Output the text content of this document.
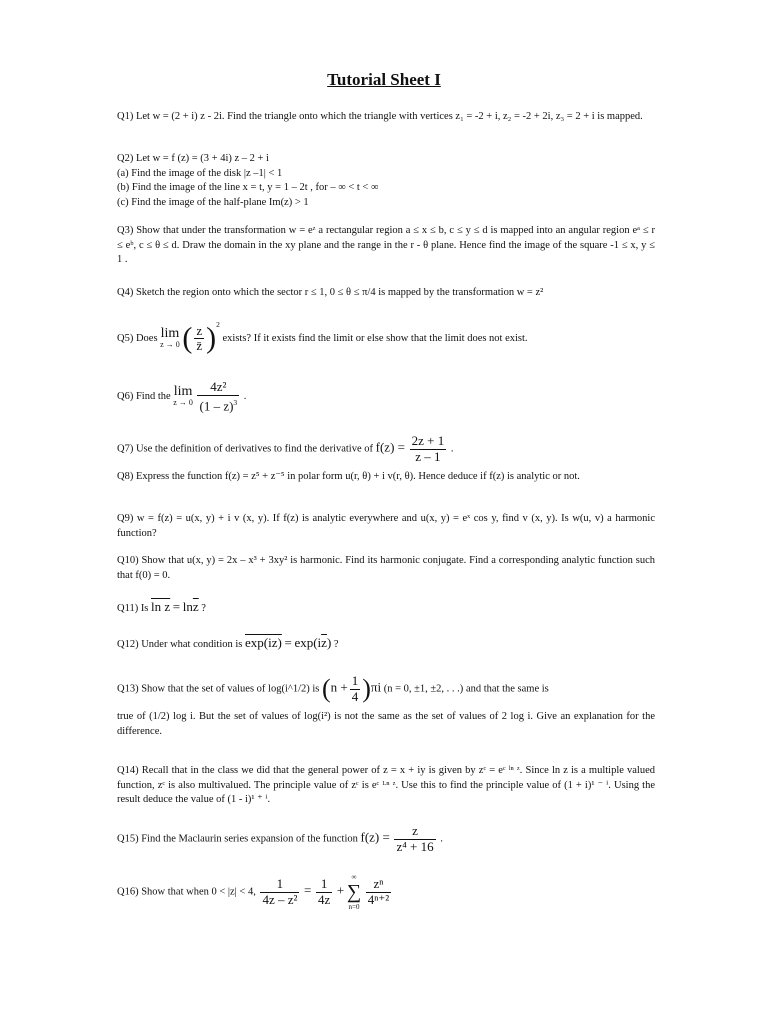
Tutorial Sheet I

Q1) Let w = (2 + i) z - 2i. Find the triangle onto which the triangle with vertices z₁ = -2 + i, z₂ = -2 + 2i, z₃ = 2 + i is mapped.

Q2) Let w = f (z) = (3 + 4i) z – 2 + i

(a) Find the image of the disk |z –1| < 1

(b) Find the image of the line x = t, y = 1 – 2t , for – ∞ < t < ∞

(c) Find the image of the half-plane Im(z) > 1

Q3) Show that under the transformation w = eᶻ a rectangular region a ≤ x ≤ b, c ≤ y ≤ d is mapped into an angular region eᵃ ≤ r ≤ eᵇ, c ≤ θ ≤ d. Draw the domain in the xy plane and the range in the r - θ plane. Hence find the image of the square -1 ≤ x, y ≤ 1 .

Q4) Sketch the region onto which the sector r ≤ 1, 0 ≤ θ ≤ π/4 is mapped by the transformation w = z²

Q5) Does lim
z → 0 ( $\frac{z}{z̄} )^2$ exists? If it exists find the limit or else show that the limit does not exist.
Q6) Find the lim
z → 0
$\frac{\text{4z²}}{(1 - z)^3}$ .
Q7) Use the definition of derivatives to find the derivative of $f(z) = \frac{2z + 1}{z - 1}$ .

Q8) Express the function f(z) = z⁵ + z⁻⁵ in polar form u(r, θ) + i v(r, θ). Hence deduce if f(z) is analytic or not.

Q9) w = f(z) = u(x, y) + i v (x, y). If f(z) is analytic everywhere and u(x, y) = eˣ cos y, find v (x, y). Is w(u, v) a harmonic function?

Q10) Show that u(x, y) = 2x – x³ + 3xy² is harmonic. Find its harmonic conjugate. Find a corresponding analytic function such that f(0) = 0.

Q11) Is $\ln z = \ln\overline{z}$ ?
Q12) Under what condition is $\exp(iz) = \exp(i\overline{z})$ ?

Q13) Show that the set of values of log(i^1/2) is $(n + \frac{1}{4} )\pi i$ (n = 0, ±1, ±2, . . .) and that the same is

true of (1/2) log i. But the set of values of log(i²) is not the same as the set of values of 2 log i. Give an explanation for the difference.

Q14) Recall that in the class we did that the general power of z = x + iy is given by zᶜ = eᶜ ˡⁿ ᶻ. Since ln z is a multiple valued function, zᶜ is also multivalued. The principle value of zᶜ is eᶜ ᴸⁿ ᶻ. Use this to find the principle value of (1 + i)¹ ⁻ ⁱ. Using the result deduce the value of (1 - i)¹ ⁺ ⁱ.

Q15) Find the Maclaurin series expansion of the function $f(z) = \frac{z}{\text{z⁴ + 16}}$ .
Q16) Show that when 0 < |z| < 4, $\frac{1}{\text{4z – z²}} = \frac{1}{4z}$ +
∞
∑
n=0
$\frac{\text{zⁿ}}{\text{4ⁿ⁺²}}$
